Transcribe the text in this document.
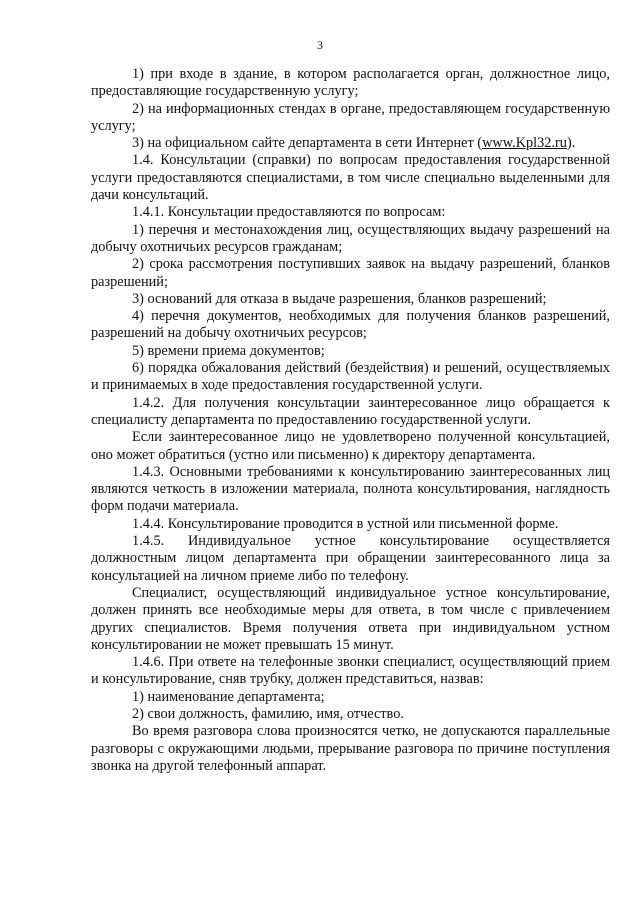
3

1) при входе в здание, в котором располагается орган, должностное лицо, предоставляющие государственную услугу;

2) на информационных стендах в органе, предоставляющем государственную услугу;

3) на официальном сайте департамента в сети Интернет (www.Kpl32.ru).

1.4. Консультации (справки) по вопросам предоставления государственной услуги предоставляются специалистами, в том числе специально выделенными для дачи консультаций.

1.4.1. Консультации предоставляются по вопросам:

1) перечня и местонахождения лиц, осуществляющих выдачу разрешений на добычу охотничьих ресурсов гражданам;

2) срока рассмотрения поступивших заявок на выдачу разрешений, бланков разрешений;

3) оснований для отказа в выдаче разрешения, бланков разрешений;

4) перечня документов, необходимых для получения бланков разрешений, разрешений на добычу охотничьих ресурсов;

5) времени приема документов;

6) порядка обжалования действий (бездействия) и решений, осуществляемых и принимаемых в ходе предоставления государственной услуги.

1.4.2. Для получения консультации заинтересованное лицо обращается к специалисту департамента по предоставлению государственной услуги.

Если заинтересованное лицо не удовлетворено полученной консультацией, оно может обратиться (устно или письменно) к директору департамента.

1.4.3. Основными требованиями к консультированию заинтересованных лиц являются четкость в изложении материала, полнота консультирования, наглядность форм подачи материала.

1.4.4. Консультирование проводится в устной или письменной форме.

1.4.5. Индивидуальное устное консультирование осуществляется должностным лицом департамента при обращении заинтересованного лица за консультацией на личном приеме либо по телефону.

Специалист, осуществляющий индивидуальное устное консультирование, должен принять все необходимые меры для ответа, в том числе с привлечением других специалистов. Время получения ответа при индивидуальном устном консультировании не может превышать 15 минут.

1.4.6. При ответе на телефонные звонки специалист, осуществляющий прием и консультирование, сняв трубку, должен представиться, назвав:

1) наименование департамента;

2) свои должность, фамилию, имя, отчество.

Во время разговора слова произносятся четко, не допускаются параллельные разговоры с окружающими людьми, прерывание разговора по причине поступления звонка на другой телефонный аппарат.
